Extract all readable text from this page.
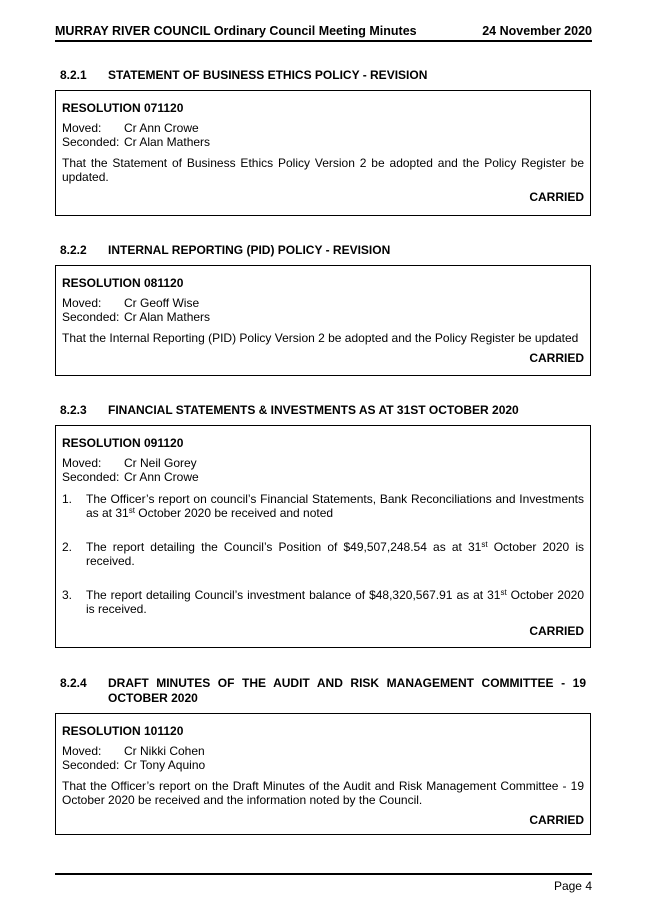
MURRAY RIVER COUNCIL Ordinary Council Meeting Minutes	24 November 2020
8.2.1	STATEMENT OF BUSINESS ETHICS POLICY - REVISION
RESOLUTION 071120
Moved:	Cr Ann Crowe
Seconded: Cr Alan Mathers
That the Statement of Business Ethics Policy Version 2 be adopted and the Policy Register be updated.
CARRIED
8.2.2	INTERNAL REPORTING (PID) POLICY - REVISION
RESOLUTION 081120
Moved:	Cr Geoff Wise
Seconded: Cr Alan Mathers
That the Internal Reporting (PID) Policy Version 2 be adopted and the Policy Register be updated
CARRIED
8.2.3	FINANCIAL STATEMENTS & INVESTMENTS AS AT 31ST OCTOBER 2020
RESOLUTION 091120
Moved:	Cr Neil Gorey
Seconded: Cr Ann Crowe
1.	The Officer’s report on council’s Financial Statements, Bank Reconciliations and Investments as at 31st October 2020 be received and noted
2.	The report detailing the Council’s Position of $49,507,248.54 as at 31st October 2020 is received.
3.	The report detailing Council’s investment balance of $48,320,567.91 as at 31st October 2020 is received.
CARRIED
8.2.4	DRAFT MINUTES OF THE AUDIT AND RISK MANAGEMENT COMMITTEE - 19 OCTOBER 2020
RESOLUTION 101120
Moved:	Cr Nikki Cohen
Seconded: Cr Tony Aquino
That the Officer’s report on the Draft Minutes of the Audit and Risk Management Committee - 19 October 2020 be received and the information noted by the Council.
CARRIED
Page 4
